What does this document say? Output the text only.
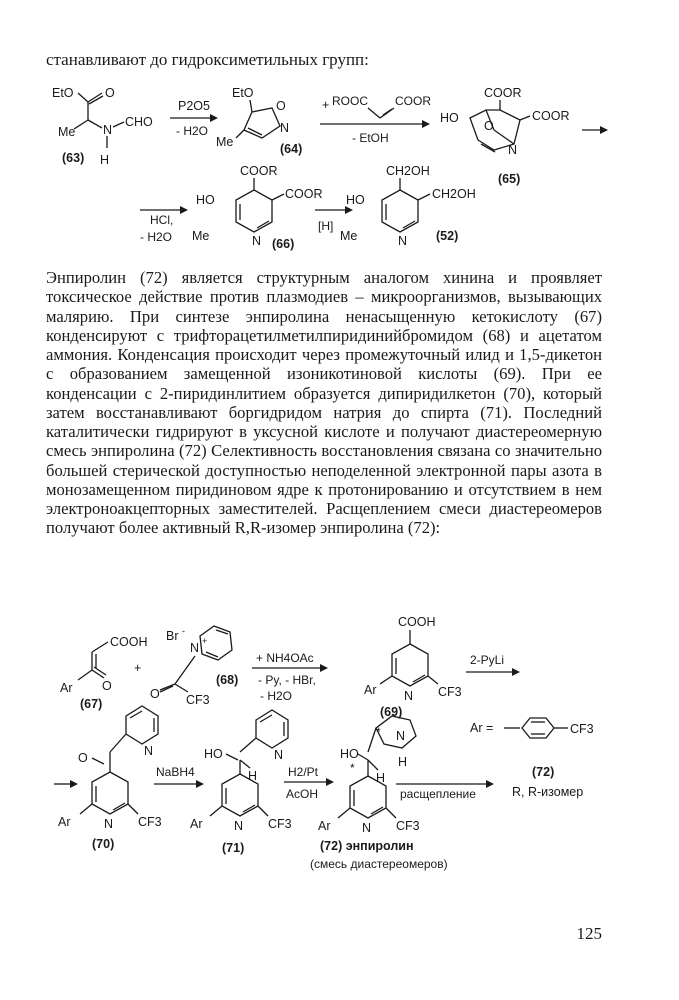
станавливают до гидроксиметильных групп:
EtO	O
Me N
CHO
H
(63)
P2O5
- H2O
EtO
O
N
Me	(64)
+ ROOC COOR
- EtOH
COOR
HO	COOR
O
N
(65)
HCl,
- H2O
COOR
HO	COOR
Me	N (66)
[H]
CH2OH
HO	CH2OH
Me	N (52)

Энпиролин (72) является структурным аналогом хинина и проявляет токсическое действие против плазмодиев – микроорганизмов, вызывающих малярию. При синтезе энпиролина ненасыщенную кетокислоту (67) конденсируют с трифторацетилметилпиридинийбромидом (68) и ацетатом аммония. Конденсация происходит через промежуточный илид и 1,5-дикетон с образованием замещенной изоникотиновой кислоты (69). При ее конденсации с 2-пиридинлитием образуется дипиридилкетон (70), который затем восстанавливают боргидридом натрия до спирта (71). Последний каталитически гидрируют в уксусной кислоте и получают диастереомерную смесь энпиролина (72) Селективность восстановления связана со значительно большей стерической доступностью неподеленной электронной пары азота в монозамещенном пиридиновом ядре к протонированию и отсутствием в нем электроноакцепторных заместителей. Расщеплением смеси диастереомеров получают более активный R,R-изомер энпиролина (72):

COOH
Ar O
(67)
+
Br -
N +
O CF3
(68)
+ NH4OAc
- Py, - HBr,
- H2O
COOH
Ar N CF3
(69)
2-PyLi
Ar =	CF3
N
O
Ar	N CF3
(70)
NaBH4
N
HO
H
Ar	N CF3
(71)
H2/Pt
AcOH
N
H
*
HO
*
H
Ar	N CF3
(72) энпиролин
(смесь диастереомеров)
расщепление
(72)
R, R-изомер
125
